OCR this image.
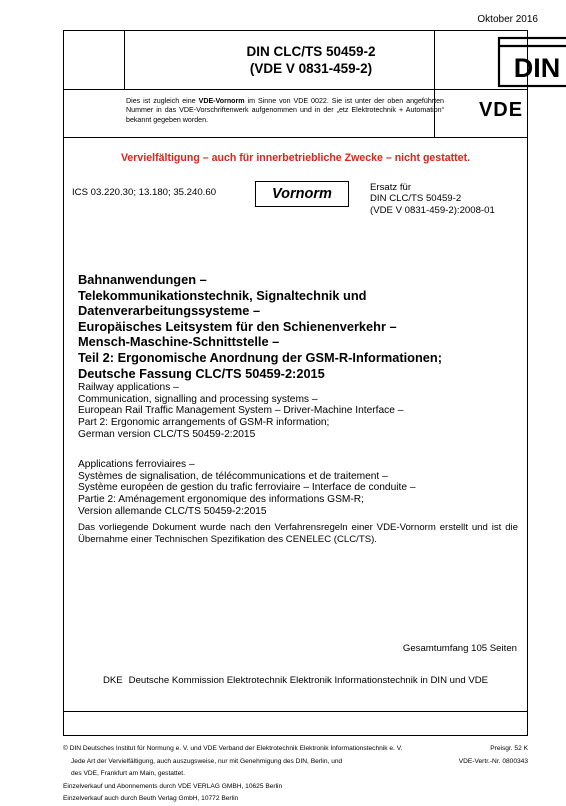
Oktober 2016
DIN CLC/TS 50459-2
(VDE V 0831-459-2)	DIN
Dies ist zugleich eine VDE-Vornorm im Sinne von VDE 0022. Sie ist unter der oben angeführten Nummer in das VDE-Vorschriftenwerk aufgenommen und in der „etz Elektrotechnik + Automation“ bekannt gegeben worden.	VDE
Vervielfältigung – auch für innerbetriebliche Zwecke – nicht gestattet.
ICS 03.220.30; 13.180; 35.240.60	Vornorm	Ersatz für
DIN CLC/TS 50459-2
(VDE V 0831-459-2):2008-01
Bahnanwendungen –
Telekommunikationstechnik, Signaltechnik und
Datenverarbeitungssysteme –
Europäisches Leitsystem für den Schienenverkehr –
Mensch-Maschine-Schnittstelle –
Teil 2: Ergonomische Anordnung der GSM-R-Informationen;
Deutsche Fassung CLC/TS 50459-2:2015
Railway applications –
Communication, signalling and processing systems –
European Rail Traffic Management System – Driver-Machine Interface –
Part 2: Ergonomic arrangements of GSM-R information;
German version CLC/TS 50459-2:2015
Applications ferroviaires –
Systèmes de signalisation, de télécommunications et de traitement –
Système européen de gestion du trafic ferroviaire – Interface de conduite –
Partie 2: Aménagement ergonomique des informations GSM-R;
Version allemande CLC/TS 50459-2:2015
Das vorliegende Dokument wurde nach den Verfahrensregeln einer VDE-Vornorm erstellt und ist die Übernahme einer Technischen Spezifikation des CENELEC (CLC/TS).
Gesamtumfang 105 Seiten
DKE Deutsche Kommission Elektrotechnik Elektronik Informationstechnik in DIN und VDE
© DIN Deutsches Institut für Normung e. V. und VDE Verband der Elektrotechnik Elektronik Informationstechnik e. V.
Jede Art der Vervielfältigung, auch auszugsweise, nur mit Genehmigung des DIN, Berlin, und
des VDE, Frankfurt am Main, gestattet.
Einzelverkauf und Abonnements durch VDE VERLAG GMBH, 10625 Berlin
Einzelverkauf auch durch Beuth Verlag GmbH, 10772 Berlin
Preisgr. 52 K
VDE-Vertr.-Nr. 0800343
